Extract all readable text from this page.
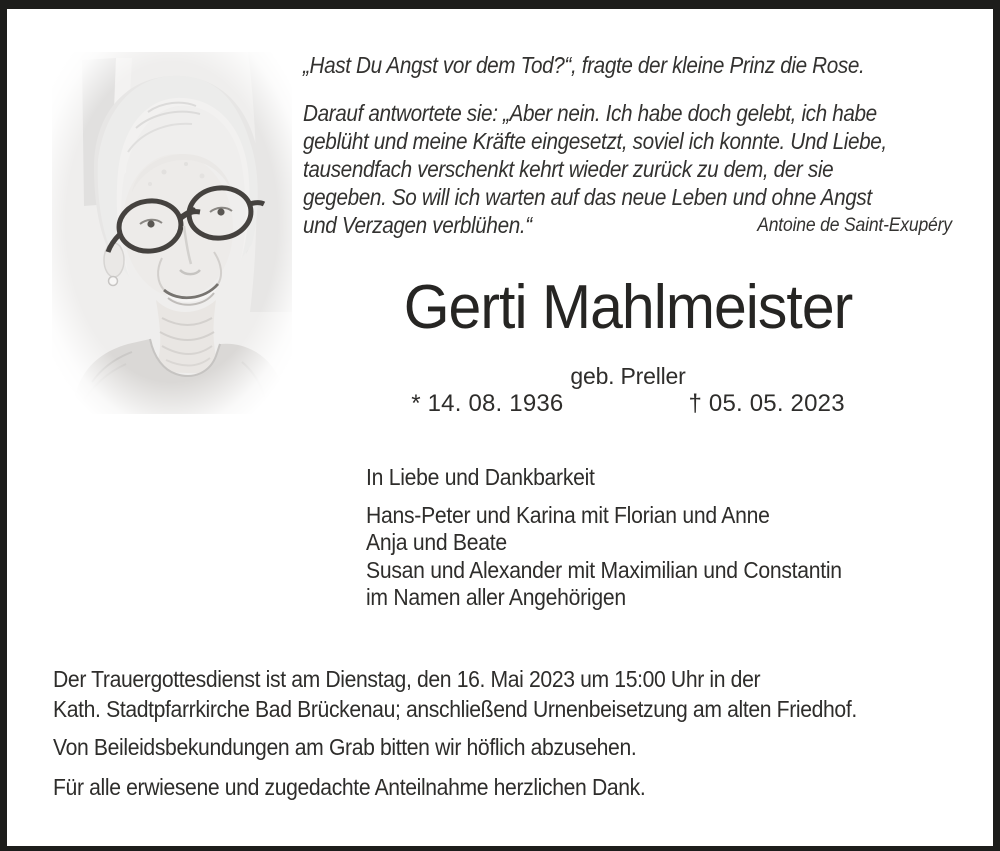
„Hast Du Angst vor dem Tod?“, fragte der kleine Prinz die Rose.

Darauf antwortete sie: „Aber nein. Ich habe doch gelebt, ich habe
geblüht und meine Kräfte eingesetzt, soviel ich konnte. Und Liebe,
tausendfach verschenkt kehrt wieder zurück zu dem, der sie
gegeben. So will ich warten auf das neue Leben und ohne Angst
Antoine de Saint-Exupéry
und Verzagen verblühen.“
Gerti Mahlmeister
geb. Preller
* 14. 08. 1936	† 05. 05. 2023
In Liebe und Dankbarkeit
Hans-Peter und Karina mit Florian und Anne
Anja und Beate
Susan und Alexander mit Maximilian und Constantin
im Namen aller Angehörigen
Der Trauergottesdienst ist am Dienstag, den 16. Mai 2023 um 15:00 Uhr in der
Kath. Stadtpfarrkirche Bad Brückenau; anschließend Urnenbeisetzung am alten Friedhof.
Von Beileidsbekundungen am Grab bitten wir höflich abzusehen.
Für alle erwiesene und zugedachte Anteilnahme herzlichen Dank.
